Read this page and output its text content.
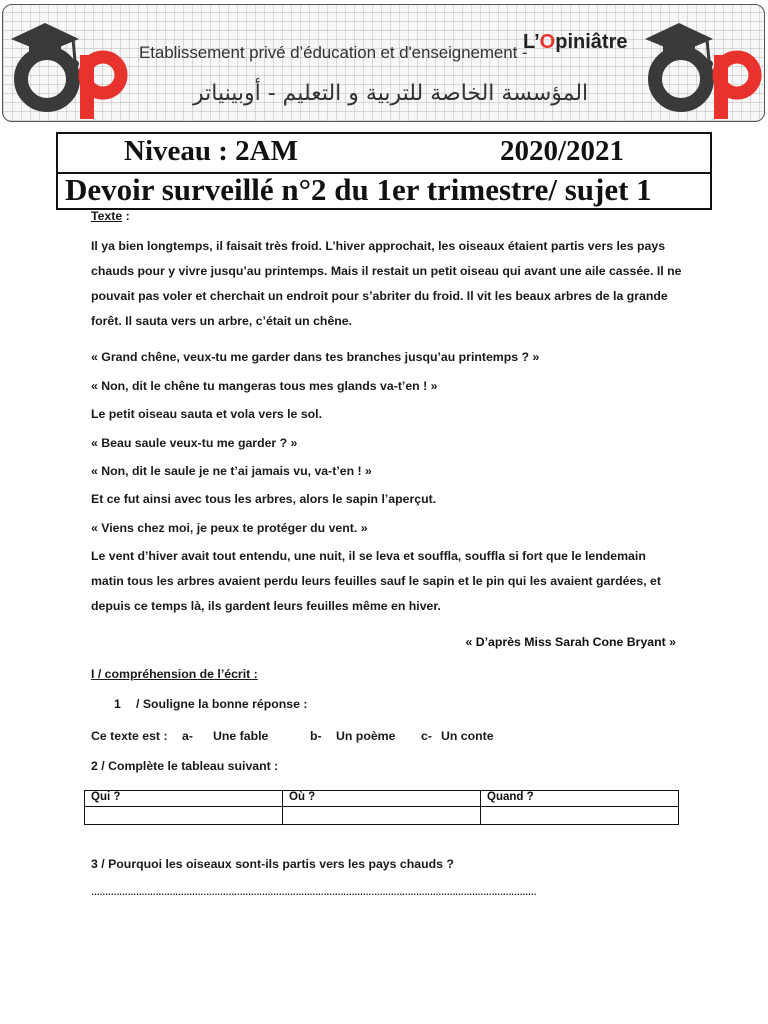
Etablissement privé d’éducation et d'enseignement -
L’Opiniâtre
المؤسسة الخاصة للتربية و التعليم - أوبينياتر
Niveau : 2AM	2020/2021
Devoir surveillé n°2 du 1er trimestre/ sujet 1
Texte :
Il ya bien longtemps, il faisait très froid. L’hiver approchait, les oiseaux étaient partis vers les pays
chauds pour y vivre jusqu’au printemps. Mais il restait un petit oiseau qui avant une aile cassée. Il ne
pouvait pas voler et cherchait un endroit pour s’abriter du froid. Il vit les beaux arbres de la grande
forêt. Il sauta vers un arbre, c’était un chêne.
« Grand chêne, veux-tu me garder dans tes branches jusqu’au printemps ? »
« Non, dit le chêne tu mangeras tous mes glands va-t’en ! »
Le petit oiseau sauta et vola vers le sol.
« Beau saule veux-tu me garder ? »
« Non, dit le saule je ne t’ai jamais vu, va-t’en ! »
Et ce fut ainsi avec tous les arbres, alors le sapin l’aperçut.
« Viens chez moi, je peux te protéger du vent. »
Le vent d’hiver avait tout entendu, une nuit, il se leva et souffla, souffla si fort que le lendemain
matin tous les arbres avaient perdu leurs feuilles sauf le sapin et le pin qui les avaient gardées, et
depuis ce temps là, ils gardent leurs feuilles même en hiver.
« D’après Miss Sarah Cone Bryant »
I / compréhension de l’écrit :
1 / Souligne la bonne réponse :
Ce texte est : a- Une fable	b- Un poème c- Un conte
2 / Complète le tableau suivant :
Qui ?	Où ?	Quand ?

3 / Pourquoi les oiseaux sont-ils partis vers les pays chauds ?
……………………………………………………………………………………………………………………………………………
